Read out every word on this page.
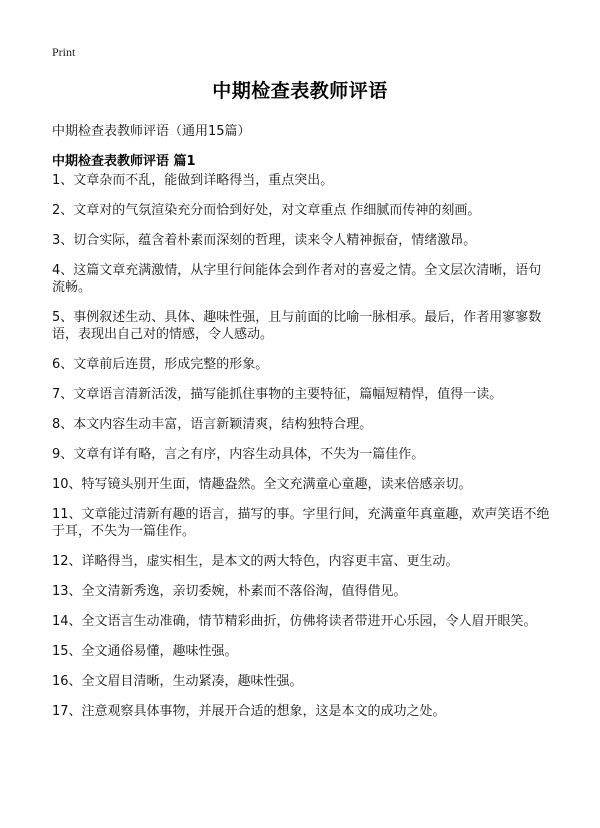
Print
中期检查表教师评语
中期检查表教师评语（通用15篇）
中期检查表教师评语 篇1
1、文章杂而不乱，能做到详略得当，重点突出。
2、文章对的气氛渲染充分而恰到好处，对文章重点 作细腻而传神的刻画。
3、切合实际，蕴含着朴素而深刻的哲理，读来令人精神振奋，情绪激昂。
4、这篇文章充满激情，从字里行间能体会到作者对的喜爱之情。全文层次清晰，语句流畅。
5、事例叙述生动、具体、趣味性强，且与前面的比喻一脉相承。最后，作者用寥寥数语，表现出自己对的情感，令人感动。
6、文章前后连贯，形成完整的形象。
7、文章语言清新活泼，描写能抓住事物的主要特征，篇幅短精悍，值得一读。
8、本文内容生动丰富，语言新颖清爽，结构独特合理。
9、文章有详有略，言之有序，内容生动具体，不失为一篇佳作。
10、特写镜头别开生面，情趣盎然。全文充满童心童趣，读来倍感亲切。
11、文章能过清新有趣的语言，描写的事。字里行间，充满童年真童趣，欢声笑语不绝于耳，不失为一篇佳作。
12、详略得当，虚实相生，是本文的两大特色，内容更丰富、更生动。
13、全文清新秀逸，亲切委婉，朴素而不落俗淘，值得借见。
14、全文语言生动准确，情节精彩曲折，仿佛将读者带进开心乐园，令人眉开眼笑。
15、全文通俗易懂，趣味性强。
16、全文眉目清晰，生动紧凑，趣味性强。
17、注意观察具体事物，并展开合适的想象，这是本文的成功之处。
